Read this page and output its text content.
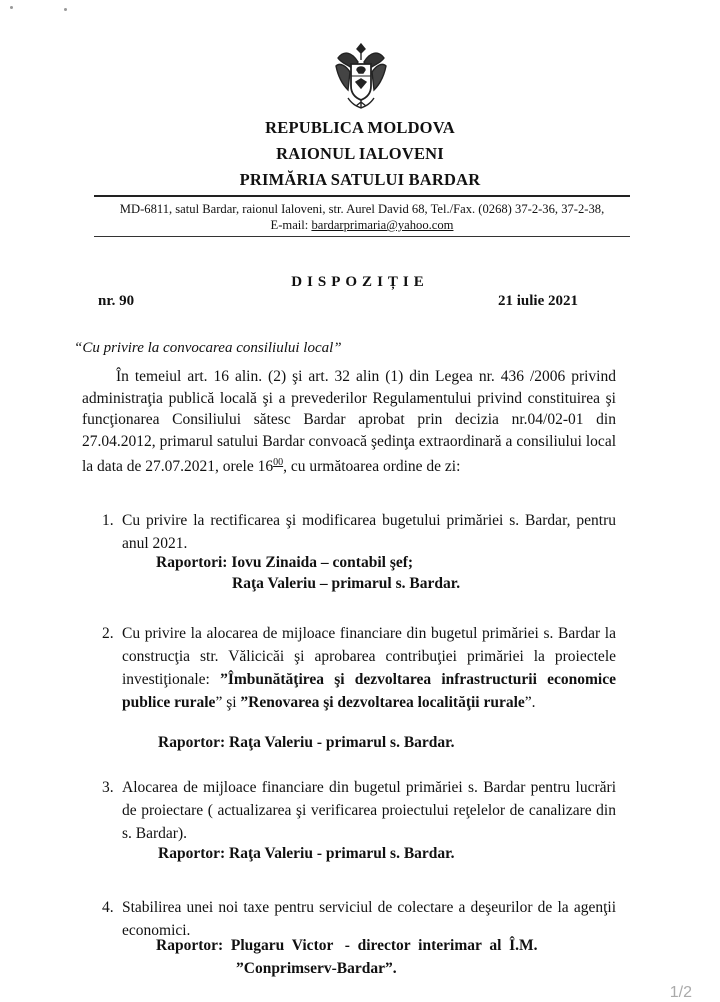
REPUBLICA MOLDOVA
RAIONUL IALOVENI
PRIMĂRIA SATULUI BARDAR
MD-6811, satul Bardar, raionul Ialoveni, str. Aurel David 68, Tel./Fax. (0268) 37-2-36, 37-2-38,
E-mail: bardarprimaria@yahoo.com
DISPOZIȚIE
nr. 90	21 iulie 2021
“Cu privire la convocarea consiliului local”
În temeiul art. 16 alin. (2) şi art. 32 alin (1) din Legea nr. 436 /2006 privind administraţia publică locală şi a prevederilor Regulamentului privind constituirea şi funcţionarea Consiliului sătesc Bardar aprobat prin decizia nr.04/02-01 din 27.04.2012, primarul satului Bardar convoacă şedinţa extraordinară a consiliului local la data de 27.07.2021, orele $16^{00}$, cu următoarea ordine de zi:
1. Cu privire la rectificarea şi modificarea bugetului primăriei s. Bardar, pentru anul 2021.
Raportori: Iovu Zinaida – contabil şef;
Raţa Valeriu – primarul s. Bardar.
2. Cu privire la alocarea de mijloace financiare din bugetul primăriei s. Bardar la construcţia str. Vălicicăi şi aprobarea contribuţiei primăriei la proiectele investiţionale: ”Îmbunătăţirea şi dezvoltarea infrastructurii economice publice rurale” şi ”Renovarea şi dezvoltarea localităţii rurale”.
Raportor: Raţa Valeriu - primarul s. Bardar.
3. Alocarea de mijloace financiare din bugetul primăriei s. Bardar pentru lucrări de proiectare ( actualizarea şi verificarea proiectului reţelelor de canalizare din s. Bardar).
Raportor: Raţa Valeriu - primarul s. Bardar.
4. Stabilirea unei noi taxe pentru serviciul de colectare a deşeurilor de la agenţii economici.
Raportor:  Plugaru  Victor   -  director  interimar  al  Î.M.
”Conprimserv-Bardar”.
1/2
